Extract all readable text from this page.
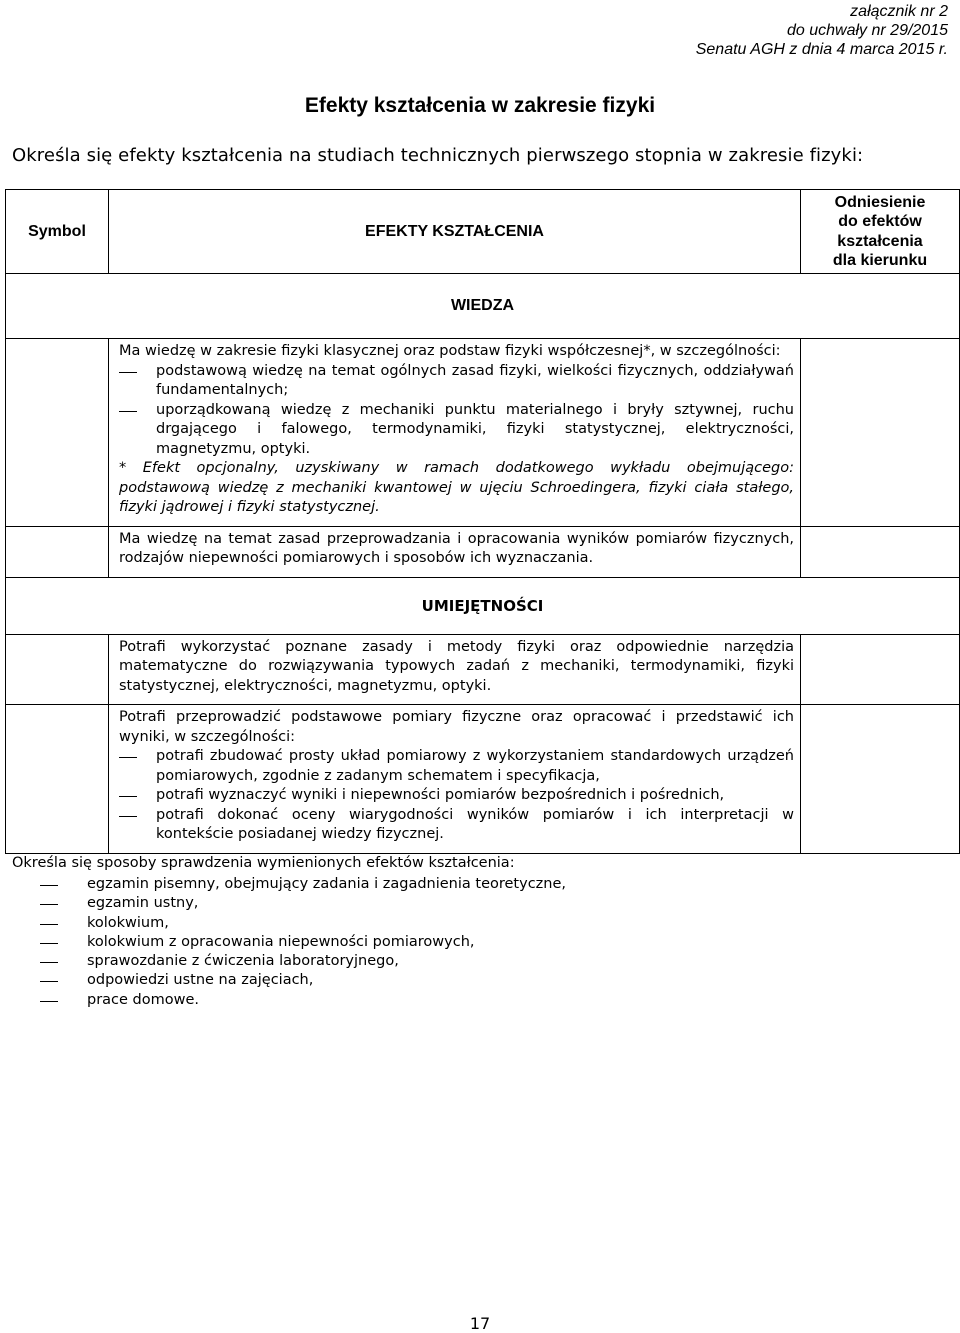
załącznik nr 2
do uchwały nr 29/2015
Senatu AGH z dnia 4 marca 2015 r.
Efekty kształcenia w zakresie fizyki
Określa się efekty kształcenia na studiach technicznych pierwszego stopnia w zakresie fizyki:
Symbol	EFEKTY KSZTAŁCENIA	Odniesienie
do efektów
kształcenia
dla kierunku

WIEDZA		

	Ma wiedzę w zakresie fizyki klasycznej oraz podstaw fizyki współczesnej*, w szczególności:
podstawową wiedzę na temat ogólnych zasad fizyki, wielkości fizycznych, oddziaływań fundamentalnych;
uporządkowaną wiedzę z mechaniki punktu materialnego i bryły sztywnej, ruchu drgającego i falowego, termodynamiki, fizyki statystycznej, elektryczności, magnetyzmu, optyki.
* Efekt opcjonalny, uzyskiwany w ramach dodatkowego wykładu obejmującego: podstawową wiedzę z mechaniki kwantowej w ujęciu Schroedingera, fizyki ciała stałego, fizyki jądrowej i fizyki statystycznej.	

	Ma wiedzę na temat zasad przeprowadzania i opracowania wyników pomiarów fizycznych, rodzajów niepewności pomiarowych i sposobów ich wyznaczania.	
UMIEJĘTNOŚCI		
	Potrafi wykorzystać poznane zasady i metody fizyki oraz odpowiednie narzędzia matematyczne do rozwiązywania typowych zadań z mechaniki, termodynamiki, fizyki statystycznej, elektryczności, magnetyzmu, optyki.	

	Potrafi przeprowadzić podstawowe pomiary fizyczne oraz opracować i przedstawić ich wyniki, w szczególności:
potrafi zbudować prosty układ pomiarowy z wykorzystaniem standardowych urządzeń pomiarowych, zgodnie z zadanym schematem i specyfikacja,
potrafi wyznaczyć wyniki i niepewności pomiarów bezpośrednich i pośrednich,
potrafi dokonać oceny wiarygodności wyników pomiarów i ich interpretacji w kontekście posiadanej wiedzy fizycznej.	

Określa się sposoby sprawdzenia wymienionych efektów kształcenia:
egzamin pisemny, obejmujący zadania i zagadnienia teoretyczne,
egzamin ustny,
kolokwium,
kolokwium z opracowania niepewności pomiarowych,
sprawozdanie z ćwiczenia laboratoryjnego,
odpowiedzi ustne na zajęciach,
prace domowe.
17
